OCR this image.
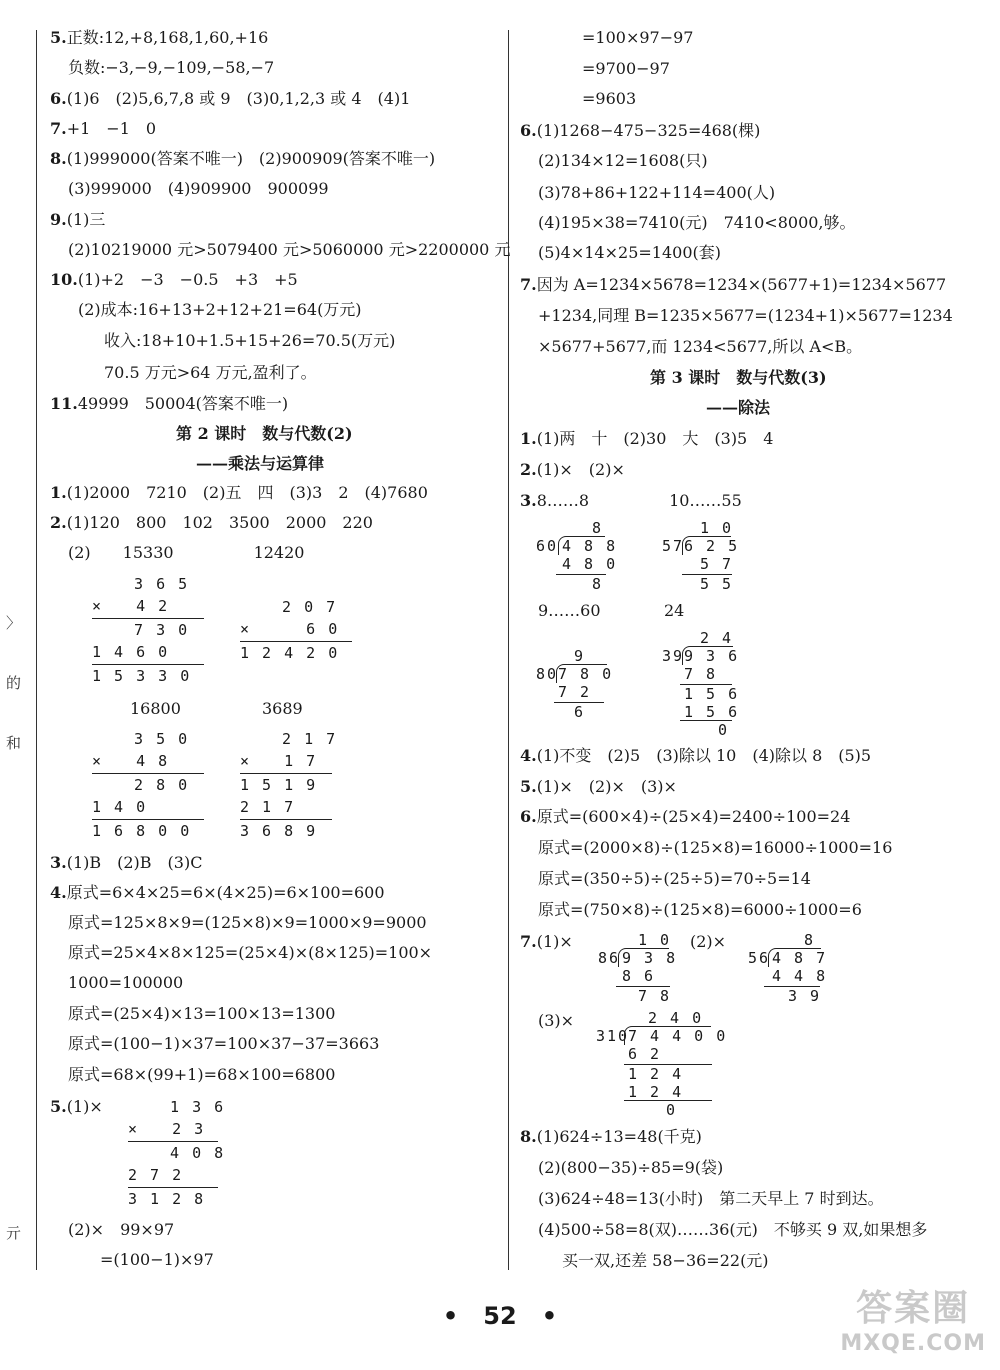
〉
的
和
亓
5.正数:12,+8,168,1,60,+16
负数:−3,−9,−109,−58,−7
6.(1)6　(2)5,6,7,8 或 9　(3)0,1,2,3 或 4　(4)1
7.+1　−1　0
8.(1)999000(答案不唯一)　(2)900909(答案不唯一)
(3)999000　(4)909900　900099
9.(1)三
(2)10219000 元>5079400 元>5060000 元>2200000 元
10.(1)+2　−3　−0.5　+3　+5
(2)成本:16+13+2+12+21=64(万元)
收入:18+10+1.5+15+26=70.5(万元)
70.5 万元>64 万元,盈利了。
11.49999　50004(答案不唯一)
第 2 课时　数与代数(2)
——乘法与运算律
1.(1)2000　7210　(2)五　四　(3)3　2　(4)7680
2.(1)120　800　102　3500　2000　220
(2)　　15330　　　　　12420
3 6 5
×   4 2
7 3 0
1 4 6 0
1 5 3 3 0
2 0 7
×     6 0
1 2 4 2 0
16800	3689
3 5 0
×   4 8
2 8 0
1 4 0
1 6 8 0 0
2 1 7
×   1 7
1 5 1 9
2 1 7
3 6 8 9
3.(1)B　(2)B　(3)C
4.原式=6×4×25=6×(4×25)=6×100=600
原式=125×8×9=(125×8)×9=1000×9=9000
原式=25×4×8×125=(25×4)×(8×125)=100×
1000=100000
原式=(25×4)×13=100×13=1300
原式=(100−1)×37=100×37−37=3663
原式=68×(99+1)=68×100=6800
5.(1)×	1 3 6
×   2 3
4 0 8
2 7 2
3 1 2 8
(2)×　99×97
　　=(100−1)×97
=100×97−97
=9700−97
=9603
6.(1)1268−475−325=468(棵)
(2)134×12=1608(只)
(3)78+86+122+114=400(人)
(4)195×38=7410(元)　7410<8000,够。
(5)4×14×25=1400(套)
7.因为 A=1234×5678=1234×(5677+1)=1234×5677
+1234,同理 B=1235×5677=(1234+1)×5677=1234
×5677+5677,而 1234<5677,所以 A<B。
第 3 课时　数与代数(3)
——除法
1.(1)两　十　(2)30　大　(3)5　4
2.(1)×　(2)×
3.8……8　　　　　10……55
8
60 4 8 8
4 8 0
8
1 0
57 6 2 5
5 7
5 5
9……60	24
9
80 7 8 0
7 2
6
2 4
39 9 3 6
7 8
1 5 6
1 5 6
0
4.(1)不变　(2)5　(3)除以 10　(4)除以 8　(5)5
5.(1)×　(2)×　(3)×
6.原式=(600×4)÷(25×4)=2400÷100=24
原式=(2000×8)÷(125×8)=16000÷1000=16
原式=(350÷5)÷(25÷5)=70÷5=14
原式=(750×8)÷(125×8)=6000÷1000=6
7.(1)×	1 0
86 9 3 8
8 6
7 8
(2)×	8
56 4 8 7
4 4 8
3 9
(3)×	2 4 0
310
7 4 4 0 0
6 2
1 2 4
1 2 4
0
8.(1)624÷13=48(千克)
(2)(800−35)÷85=9(袋)
(3)624÷48=13(小时)　第二天早上 7 时到达。
(4)500÷58=8(双)……36(元)　不够买 9 双,如果想多
买一双,还差 58−36=22(元)
• 52 •	答案圈
MXQE.COM
